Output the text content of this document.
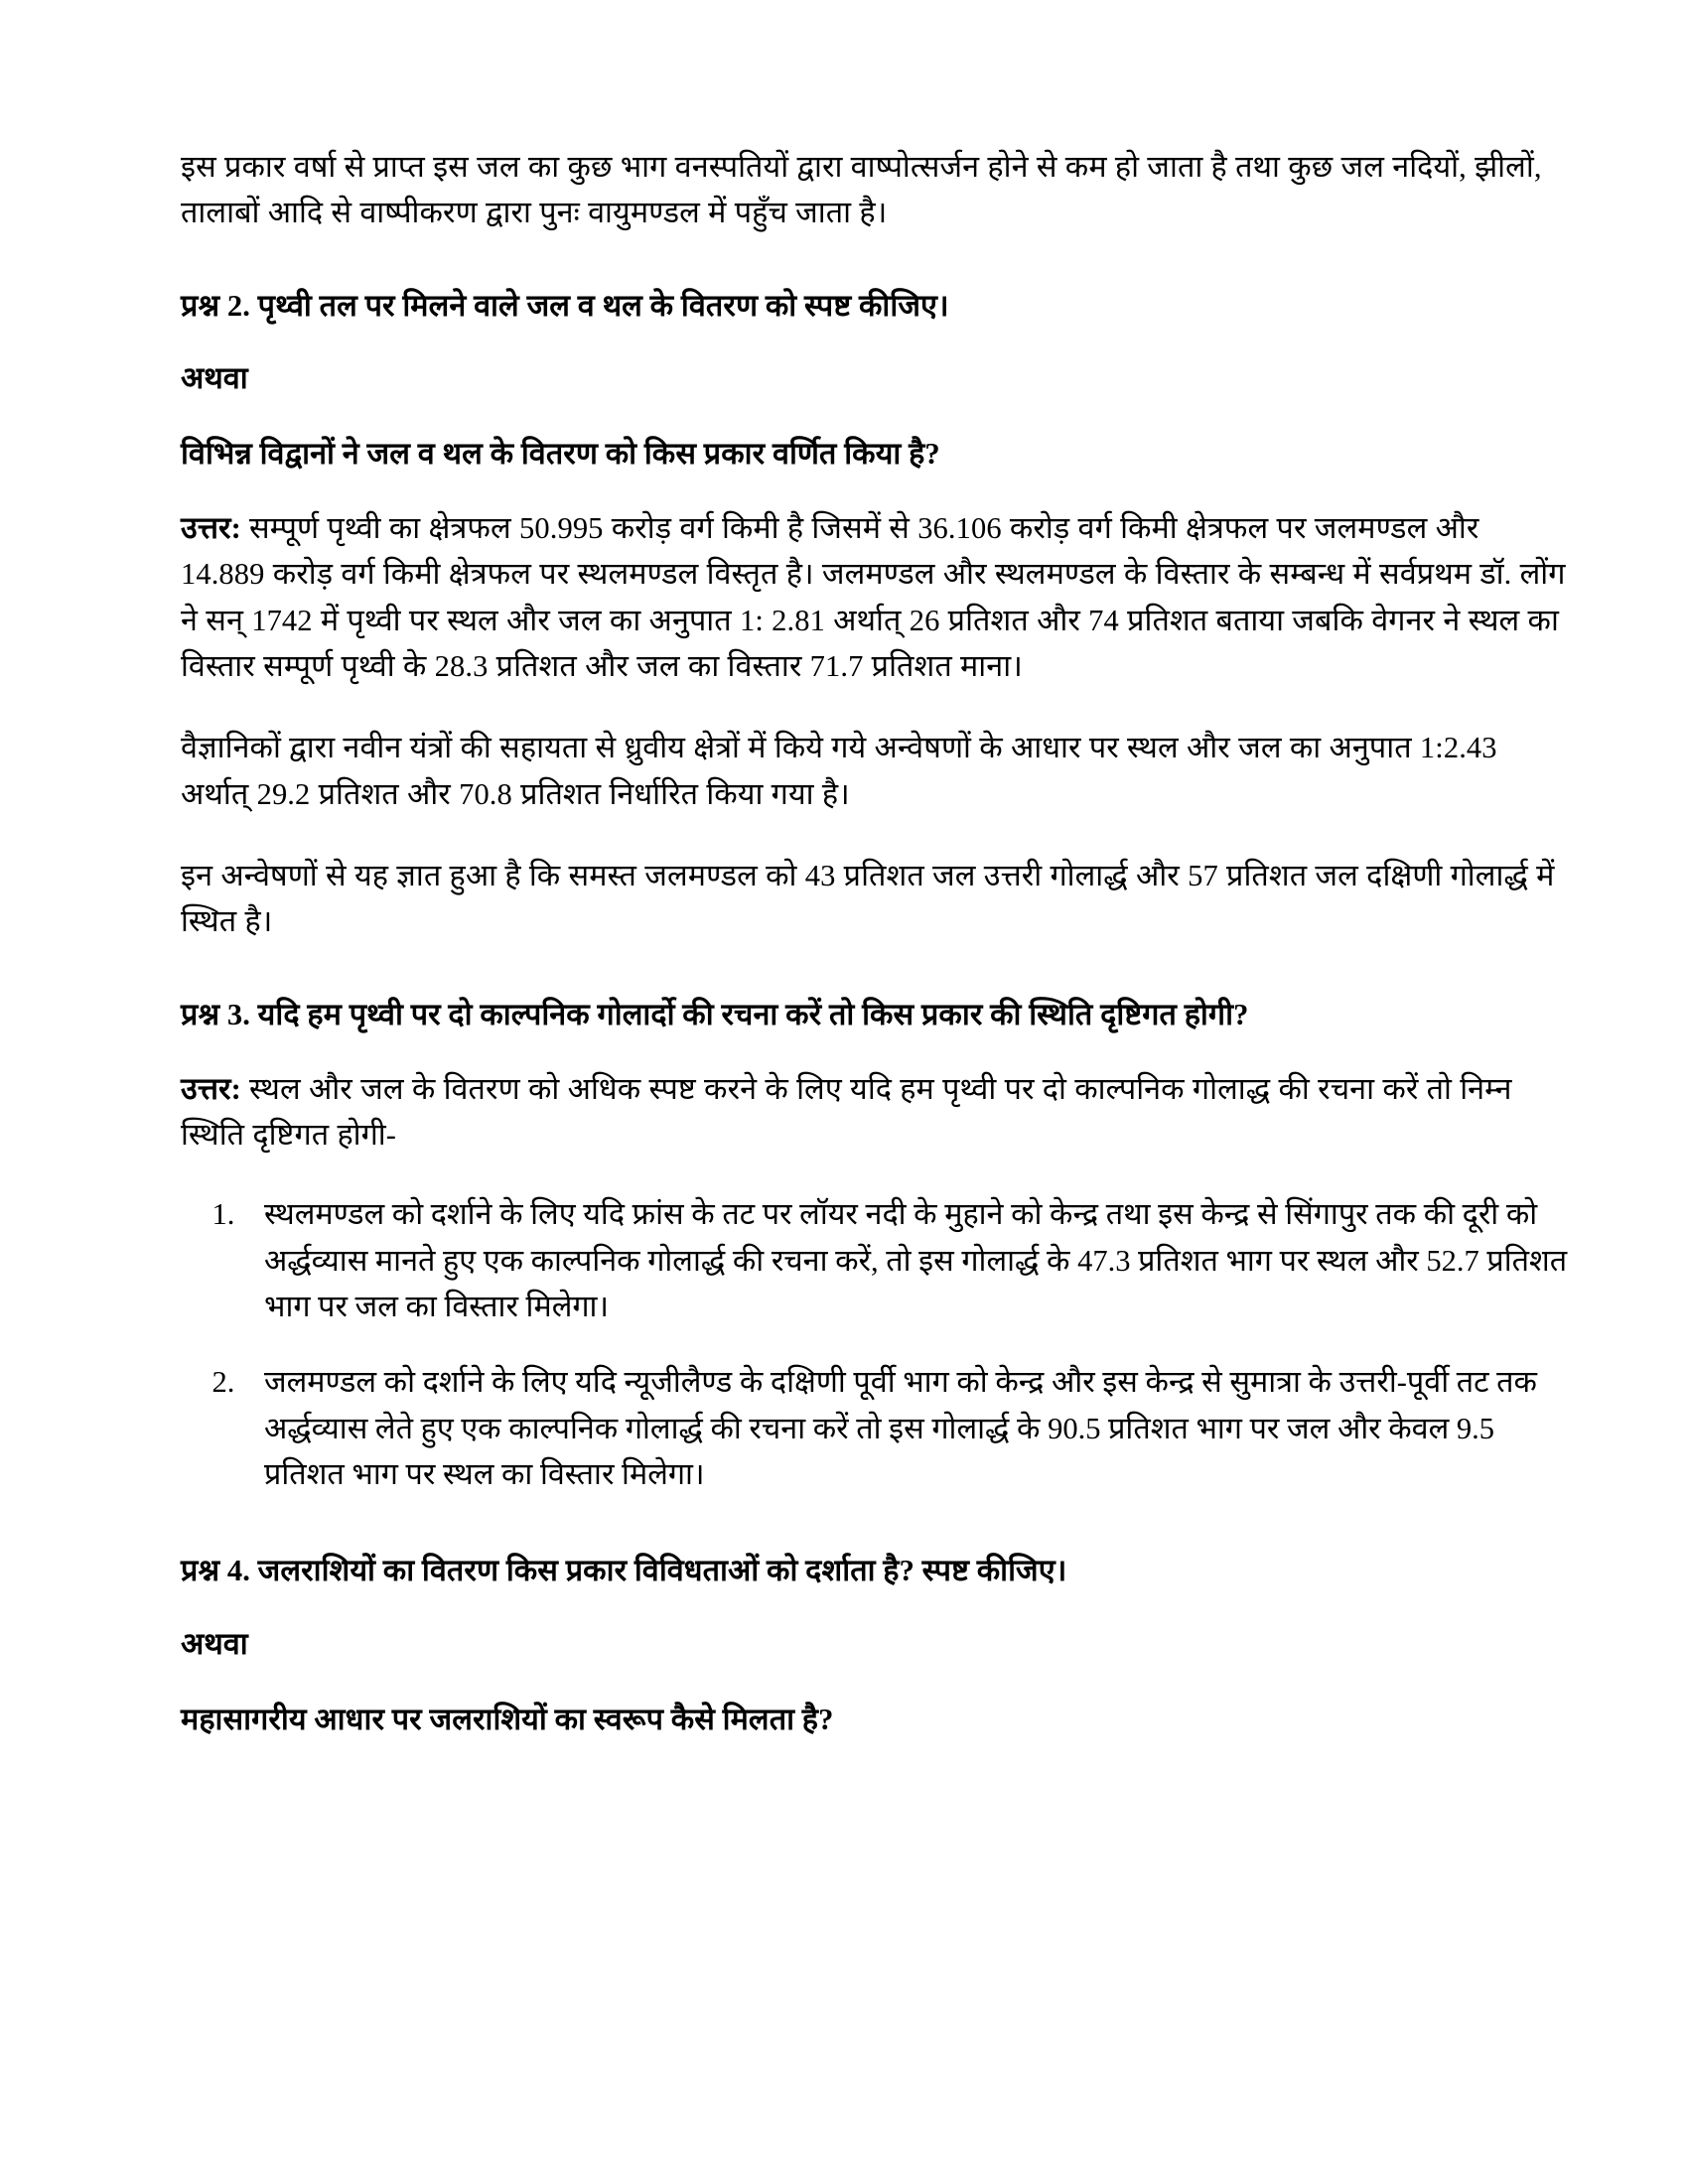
इस प्रकार वर्षा से प्राप्त इस जल का कुछ भाग वनस्पतियों द्वारा वाष्पोत्सर्जन होने से कम हो जाता है तथा कुछ जल नदियों, झीलों, तालाबों आदि से वाष्पीकरण द्वारा पुनः वायुमण्डल में पहुँच जाता है।

प्रश्न 2. पृथ्वी तल पर मिलने वाले जल व थल के वितरण को स्पष्ट कीजिए।

अथवा

विभिन्न विद्वानों ने जल व थल के वितरण को किस प्रकार वर्णित किया है?

उत्तर: सम्पूर्ण पृथ्वी का क्षेत्रफल 50.995 करोड़ वर्ग किमी है जिसमें से 36.106 करोड़ वर्ग किमी क्षेत्रफल पर जलमण्डल और 14.889 करोड़ वर्ग किमी क्षेत्रफल पर स्थलमण्डल विस्तृत है। जलमण्डल और स्थलमण्डल के विस्तार के सम्बन्ध में सर्वप्रथम डॉ. लोंग ने सन् 1742 में पृथ्वी पर स्थल और जल का अनुपात 1: 2.81 अर्थात् 26 प्रतिशत और 74 प्रतिशत बताया जबकि वेगनर ने स्थल का विस्तार सम्पूर्ण पृथ्वी के 28.3 प्रतिशत और जल का विस्तार 71.7 प्रतिशत माना।

वैज्ञानिकों द्वारा नवीन यंत्रों की सहायता से ध्रुवीय क्षेत्रों में किये गये अन्वेषणों के आधार पर स्थल और जल का अनुपात 1:2.43 अर्थात् 29.2 प्रतिशत और 70.8 प्रतिशत निर्धारित किया गया है।

इन अन्वेषणों से यह ज्ञात हुआ है कि समस्त जलमण्डल को 43 प्रतिशत जल उत्तरी गोलार्द्ध और 57 प्रतिशत जल दक्षिणी गोलार्द्ध में स्थित है।

प्रश्न 3. यदि हम पृथ्वी पर दो काल्पनिक गोलार्दो की रचना करें तो किस प्रकार की स्थिति दृष्टिगत होगी?

उत्तर: स्थल और जल के वितरण को अधिक स्पष्ट करने के लिए यदि हम पृथ्वी पर दो काल्पनिक गोलाद्ध की रचना करें तो निम्न स्थिति दृष्टिगत होगी-

1. स्थलमण्डल को दर्शाने के लिए यदि फ्रांस के तट पर लॉयर नदी के मुहाने को केन्द्र तथा इस केन्द्र से सिंगापुर तक की दूरी को अर्द्धव्यास मानते हुए एक काल्पनिक गोलार्द्ध की रचना करें, तो इस गोलार्द्ध के 47.3 प्रतिशत भाग पर स्थल और 52.7 प्रतिशत भाग पर जल का विस्तार मिलेगा।
2. जलमण्डल को दर्शाने के लिए यदि न्यूजीलैण्ड के दक्षिणी पूर्वी भाग को केन्द्र और इस केन्द्र से सुमात्रा के उत्तरी-पूर्वी तट तक अर्द्धव्यास लेते हुए एक काल्पनिक गोलार्द्ध की रचना करें तो इस गोलार्द्ध के 90.5 प्रतिशत भाग पर जल और केवल 9.5 प्रतिशत भाग पर स्थल का विस्तार मिलेगा।
प्रश्न 4. जलराशियों का वितरण किस प्रकार विविधताओं को दर्शाता है? स्पष्ट कीजिए।

अथवा

महासागरीय आधार पर जलराशियों का स्वरूप कैसे मिलता है?
